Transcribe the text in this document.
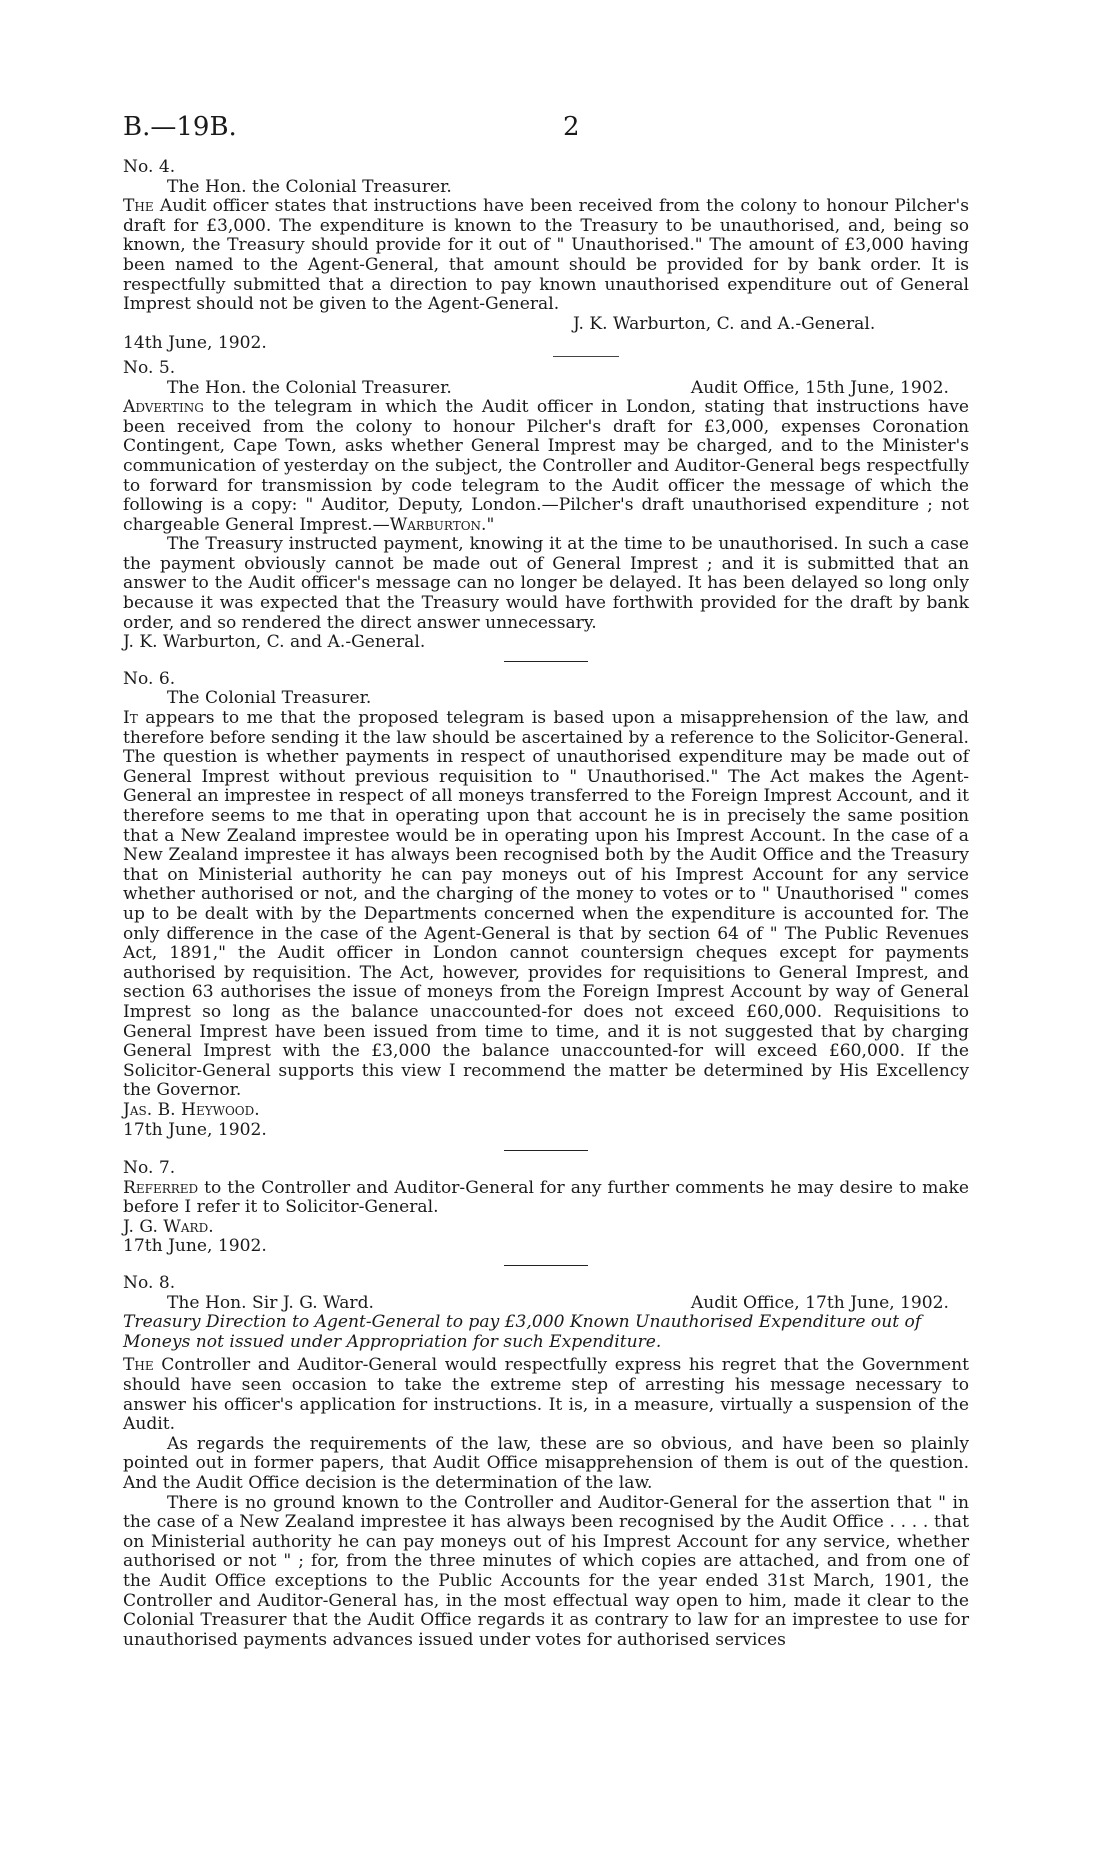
B.—19B.	2

No. 4.

The Hon. the Colonial Treasurer.

The Audit officer states that instructions have been received from the colony to honour Pilcher's draft for £3,000. The expenditure is known to the Treasury to be unauthorised, and, being so known, the Treasury should provide for it out of " Unauthorised." The amount of £3,000 having been named to the Agent-General, that amount should be provided for by bank order. It is respectfully submitted that a direction to pay known unauthorised expenditure out of General Imprest should not be given to the Agent-General.

J. K. Warburton, C. and A.-General.

14th June, 1902.

No. 5.

The Hon. the Colonial Treasurer.	Audit Office, 15th June, 1902.

Adverting to the telegram in which the Audit officer in London, stating that instructions have been received from the colony to honour Pilcher's draft for £3,000, expenses Coronation Contingent, Cape Town, asks whether General Imprest may be charged, and to the Minister's communication of yesterday on the subject, the Controller and Auditor-General begs respectfully to forward for transmission by code telegram to the Audit officer the message of which the following is a copy: " Auditor, Deputy, London.—Pilcher's draft unauthorised expenditure ; not chargeable General Imprest.—Warburton."

The Treasury instructed payment, knowing it at the time to be unauthorised. In such a case the payment obviously cannot be made out of General Imprest ; and it is submitted that an answer to the Audit officer's message can no longer be delayed. It has been delayed so long only because it was expected that the Treasury would have forthwith provided for the draft by bank order, and so rendered the direct answer unnecessary.

J. K. Warburton, C. and A.-General.

No. 6.

The Colonial Treasurer.

It appears to me that the proposed telegram is based upon a misapprehension of the law, and therefore before sending it the law should be ascertained by a reference to the Solicitor-General. The question is whether payments in respect of unauthorised expenditure may be made out of General Imprest without previous requisition to " Unauthorised." The Act makes the Agent-General an imprestee in respect of all moneys transferred to the Foreign Imprest Account, and it therefore seems to me that in operating upon that account he is in precisely the same position that a New Zealand imprestee would be in operating upon his Imprest Account. In the case of a New Zealand imprestee it has always been recognised both by the Audit Office and the Treasury that on Ministerial authority he can pay moneys out of his Imprest Account for any service whether authorised or not, and the charging of the money to votes or to " Unauthorised " comes up to be dealt with by the Departments concerned when the expenditure is accounted for. The only difference in the case of the Agent-General is that by section 64 of " The Public Revenues Act, 1891," the Audit officer in London cannot countersign cheques except for payments authorised by requisition. The Act, however, provides for requisitions to General Imprest, and section 63 authorises the issue of moneys from the Foreign Imprest Account by way of General Imprest so long as the balance unaccounted-for does not exceed £60,000. Requisitions to General Imprest have been issued from time to time, and it is not suggested that by charging General Imprest with the £3,000 the balance unaccounted-for will exceed £60,000. If the Solicitor-General supports this view I recommend the matter be determined by His Excellency the Governor.

Jas. B. Heywood.

17th June, 1902.

No. 7.

Referred to the Controller and Auditor-General for any further comments he may desire to make before I refer it to Solicitor-General.

J. G. Ward.

17th June, 1902.

No. 8.

The Hon. Sir J. G. Ward.	Audit Office, 17th June, 1902.

Treasury Direction to Agent-General to pay £3,000 Known Unauthorised Expenditure out of

Moneys not issued under Appropriation for such Expenditure.

The Controller and Auditor-General would respectfully express his regret that the Government should have seen occasion to take the extreme step of arresting his message necessary to answer his officer's application for instructions. It is, in a measure, virtually a suspension of the Audit.

As regards the requirements of the law, these are so obvious, and have been so plainly pointed out in former papers, that Audit Office misapprehension of them is out of the question. And the Audit Office decision is the determination of the law.

There is no ground known to the Controller and Auditor-General for the assertion that " in the case of a New Zealand imprestee it has always been recognised by the Audit Office . . . . that on Ministerial authority he can pay moneys out of his Imprest Account for any service, whether authorised or not " ; for, from the three minutes of which copies are attached, and from one of the Audit Office exceptions to the Public Accounts for the year ended 31st March, 1901, the Controller and Auditor-General has, in the most effectual way open to him, made it clear to the Colonial Treasurer that the Audit Office regards it as contrary to law for an imprestee to use for unauthorised payments advances issued under votes for authorised services
